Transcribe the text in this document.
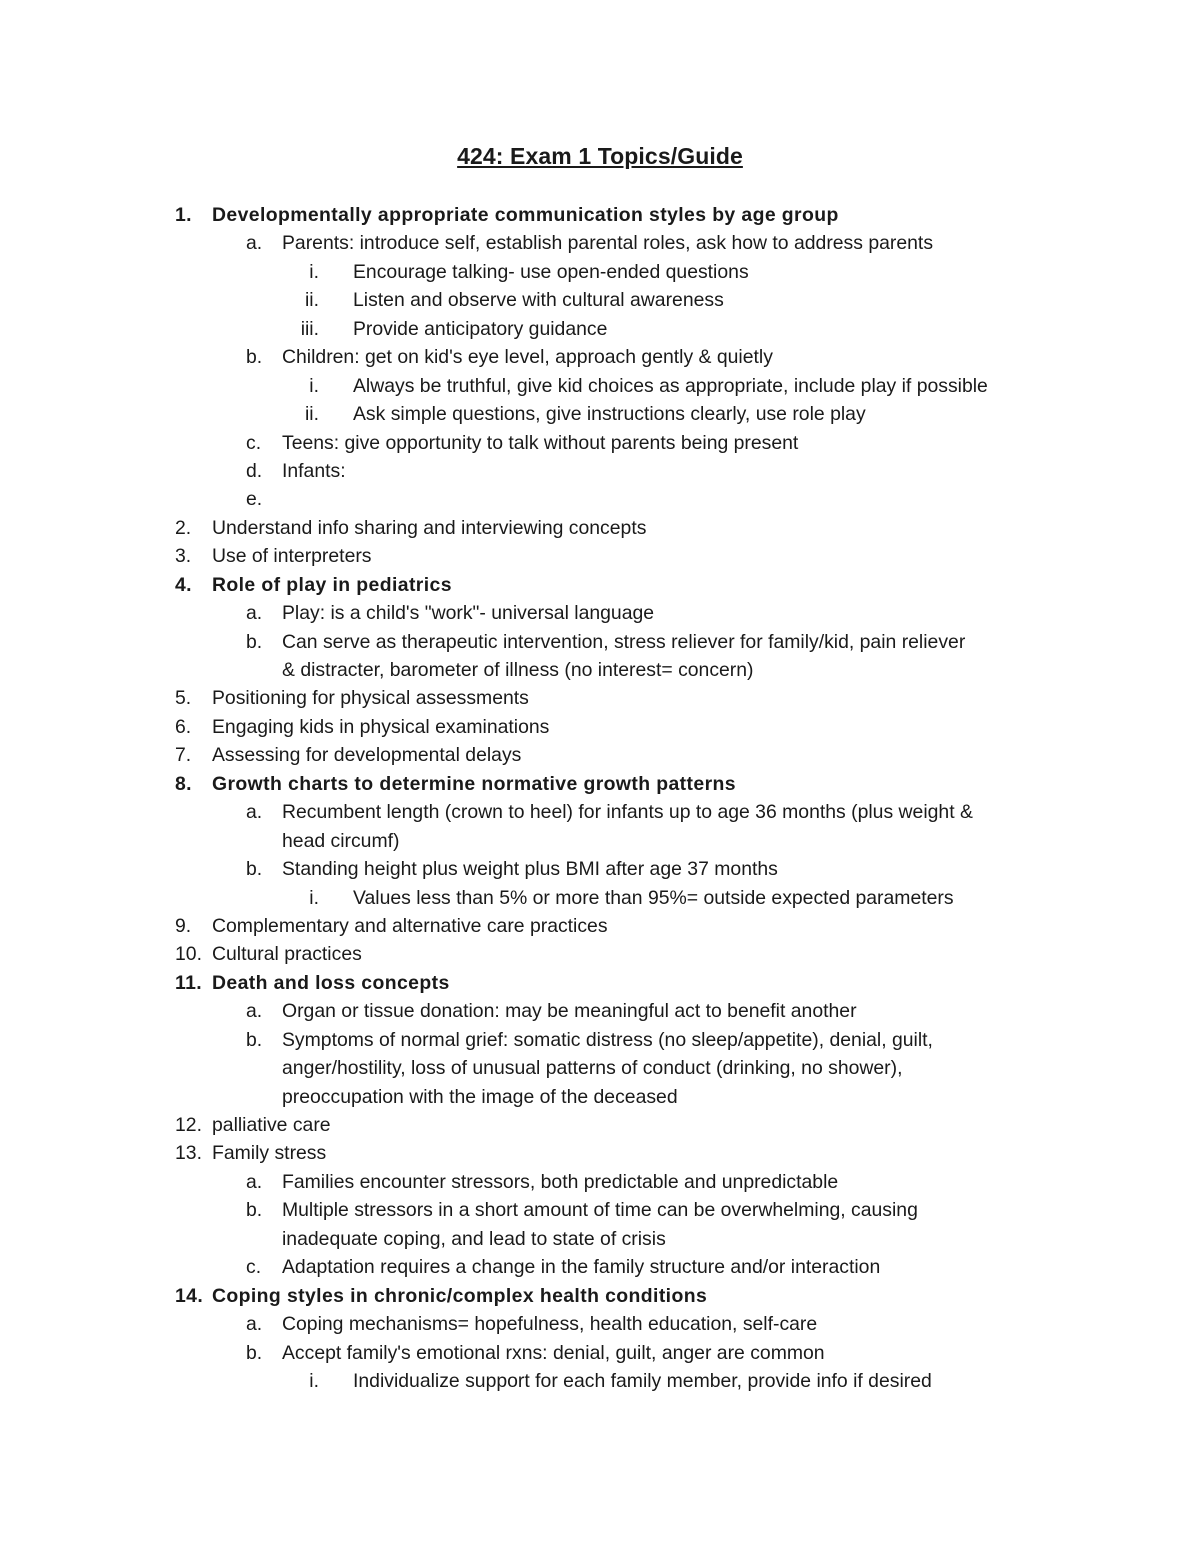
424: Exam 1 Topics/Guide
1. Developmentally appropriate communication styles by age group
a. Parents: introduce self, establish parental roles, ask how to address parents
i. Encourage talking- use open-ended questions
ii. Listen and observe with cultural awareness
iii. Provide anticipatory guidance
b. Children: get on kid's eye level, approach gently & quietly
i. Always be truthful, give kid choices as appropriate, include play if possible
ii. Ask simple questions, give instructions clearly, use role play
c. Teens: give opportunity to talk without parents being present
d. Infants:
e.
2. Understand info sharing and interviewing concepts
3. Use of interpreters
4. Role of play in pediatrics
a. Play: is a child's "work"- universal language
b. Can serve as therapeutic intervention, stress reliever for family/kid, pain reliever
& distracter, barometer of illness (no interest= concern)
5. Positioning for physical assessments
6. Engaging kids in physical examinations
7. Assessing for developmental delays
8. Growth charts to determine normative growth patterns
a. Recumbent length (crown to heel) for infants up to age 36 months (plus weight &
head circumf)
b. Standing height plus weight plus BMI after age 37 months
i. Values less than 5% or more than 95%= outside expected parameters
9. Complementary and alternative care practices
10. Cultural practices
11. Death and loss concepts
a. Organ or tissue donation: may be meaningful act to benefit another
b. Symptoms of normal grief: somatic distress (no sleep/appetite), denial, guilt,
anger/hostility, loss of unusual patterns of conduct (drinking, no shower),
preoccupation with the image of the deceased
12. palliative care
13. Family stress
a. Families encounter stressors, both predictable and unpredictable
b. Multiple stressors in a short amount of time can be overwhelming, causing
inadequate coping, and lead to state of crisis
c. Adaptation requires a change in the family structure and/or interaction
14. Coping styles in chronic/complex health conditions
a. Coping mechanisms= hopefulness, health education, self-care
b. Accept family's emotional rxns: denial, guilt, anger are common
i. Individualize support for each family member, provide info if desired
